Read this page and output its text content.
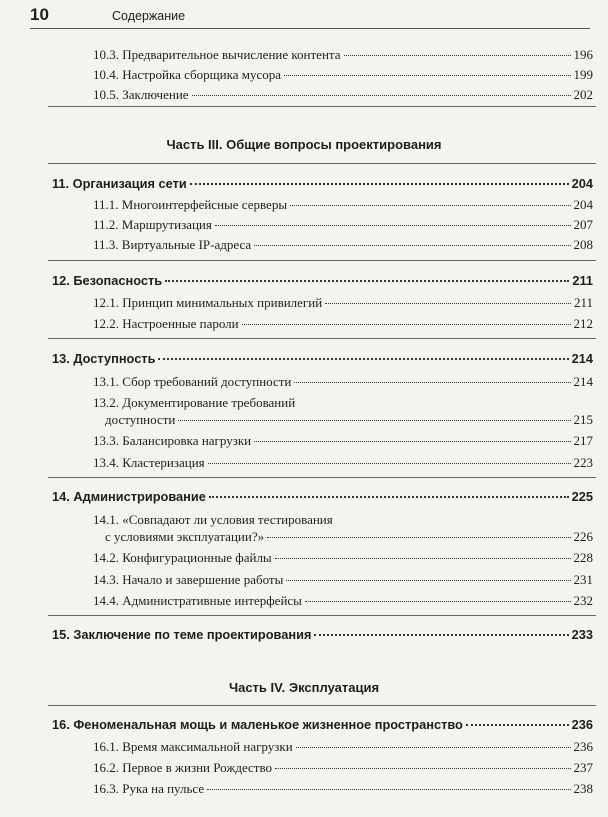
10	Содержание
10.3. Предварительное вычисление контента	196
10.4. Настройка сборщика мусора	199
10.5. Заключение	202
Часть III. Общие вопросы проектирования
11. Организация сети	204
11.1. Многоинтерфейсные серверы	204
11.2. Маршрутизация	207
11.3. Виртуальные IP-адреса	208
12. Безопасность	211
12.1. Принцип минимальных привилегий	211
12.2. Настроенные пароли	212
13. Доступность	214
13.1. Сбор требований доступности	214
13.2. Документирование требований
доступности	215
13.3. Балансировка нагрузки	217
13.4. Кластеризация	223
14. Администрирование	225
14.1. «Совпадают ли условия тестирования
с условиями эксплуатации?»	226
14.2. Конфигурационные файлы	228
14.3. Начало и завершение работы	231
14.4. Административные интерфейсы	232
15. Заключение по теме проектирования	233
Часть IV. Эксплуатация
16. Феноменальная мощь и маленькое жизненное пространство	236
16.1. Время максимальной нагрузки	236
16.2. Первое в жизни Рождество	237
16.3. Рука на пульсе	238
